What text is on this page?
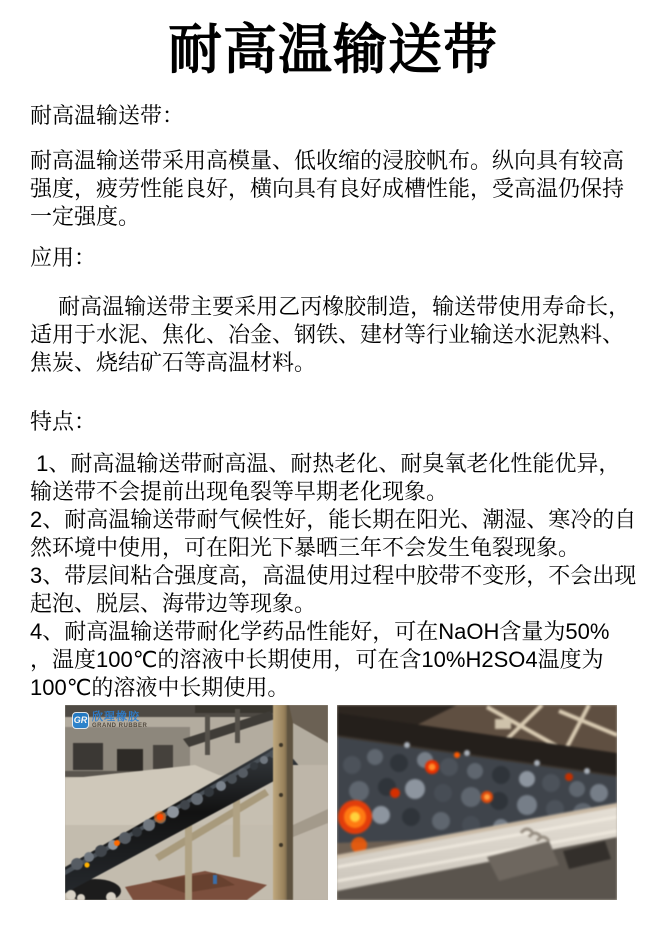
耐高温输送带
耐高温输送带：
耐高温输送带采用高模量、低收缩的浸胶帆布。纵向具有较高
强度，疲劳性能良好，横向具有良好成槽性能，受高温仍保持
一定强度。
应用：
　 耐高温输送带主要采用乙丙橡胶制造，输送带使用寿命长，
适用于水泥、焦化、冶金、钢铁、建材等行业输送水泥熟料、
焦炭、烧结矿石等高温材料。
特点：
1、耐高温输送带耐高温、耐热老化、耐臭氧老化性能优异，
输送带不会提前出现龟裂等早期老化现象。
2、耐高温输送带耐气候性好，能长期在阳光、潮湿、寒冷的自
然环境中使用，可在阳光下暴晒三年不会发生龟裂现象。
3、带层间粘合强度高，高温使用过程中胶带不变形，不会出现
起泡、脱层、海带边等现象。
4、耐高温输送带耐化学药品性能好，可在NaOH含量为50%
，温度100℃的溶液中长期使用，可在含10%H2SO4温度为
100℃的溶液中长期使用。
GR 欣瑆橡胶
GRAND RUBBER
